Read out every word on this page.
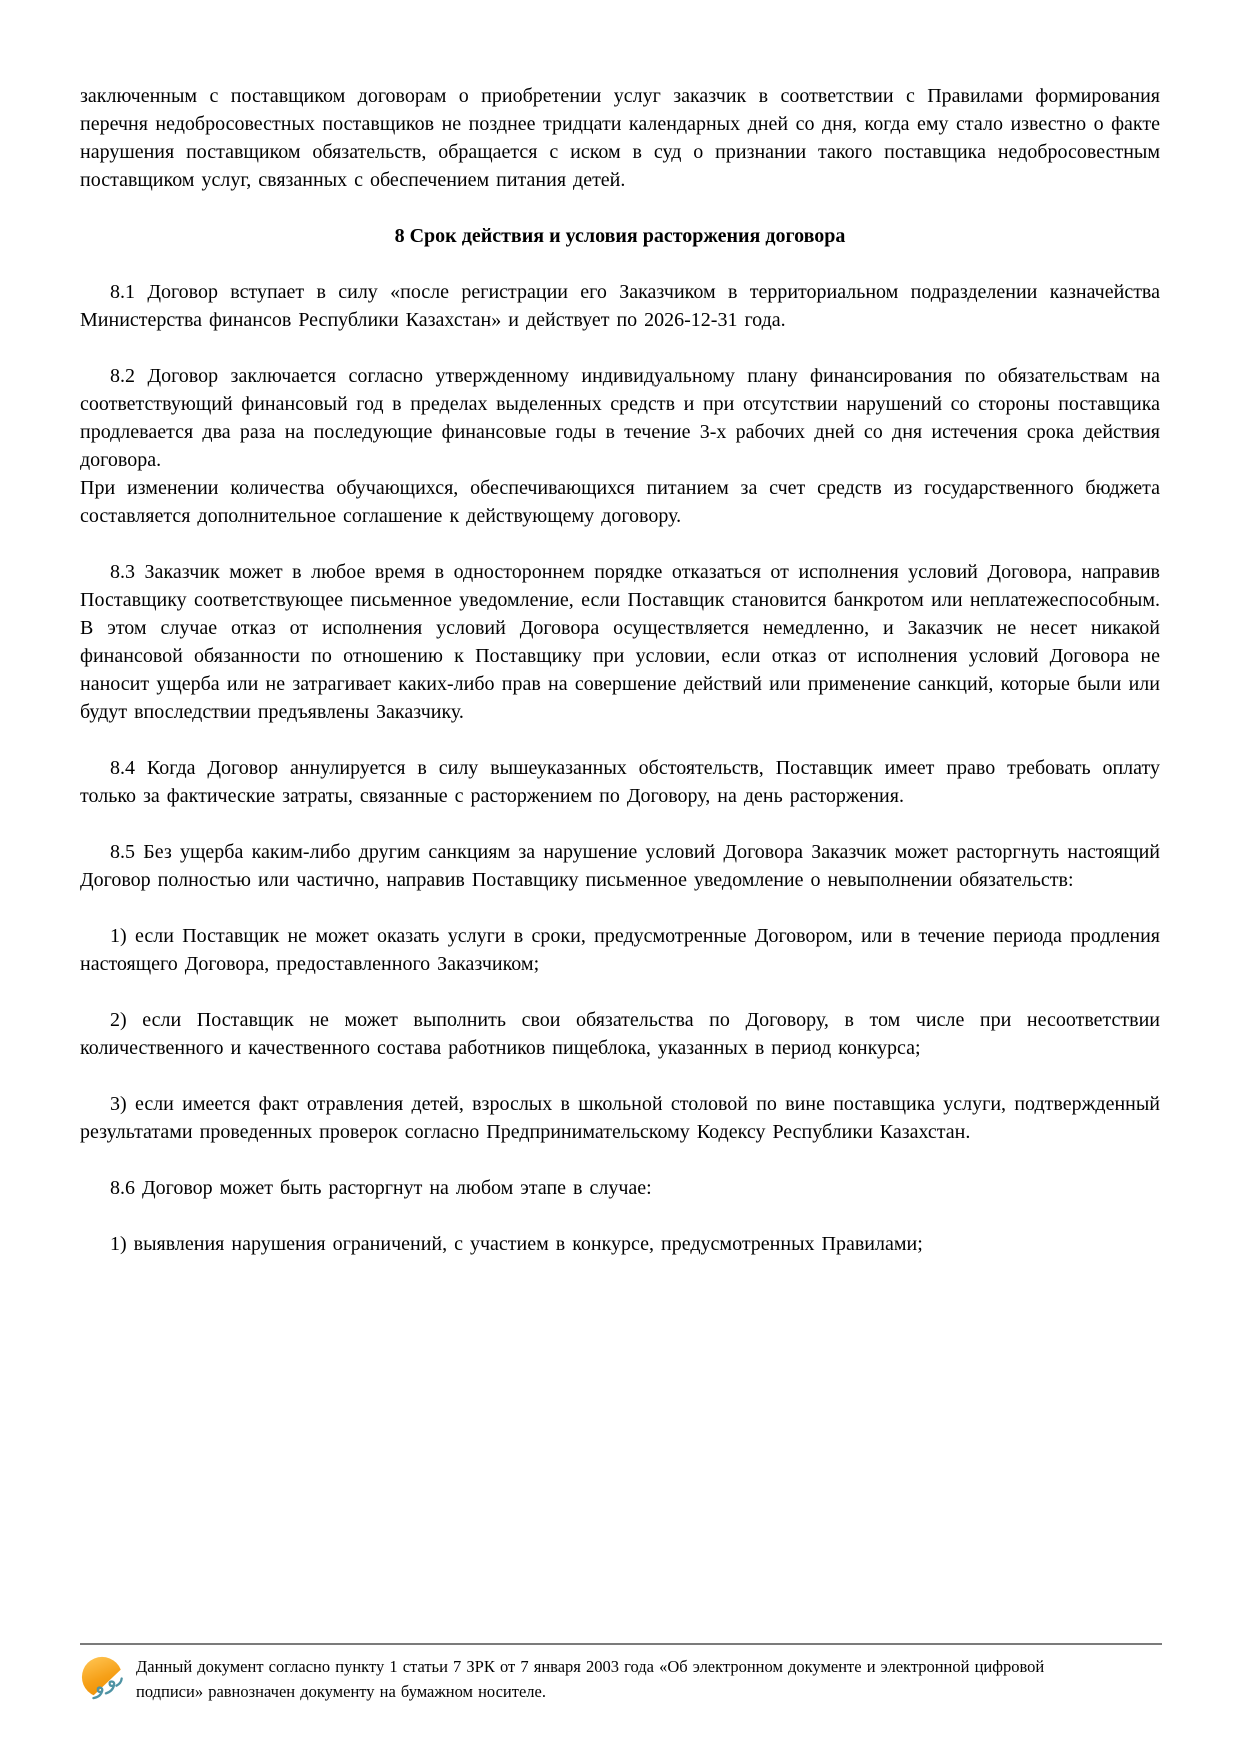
заключенным с поставщиком договорам о приобретении услуг заказчик в соответствии с Правилами формирования перечня недобросовестных поставщиков не позднее тридцати календарных дней со дня, когда ему стало известно о факте нарушения поставщиком обязательств, обращается с иском в суд о признании такого поставщика недобросовестным поставщиком услуг, связанных с обеспечением питания детей.

8 Срок действия и условия расторжения договора

8.1 Договор вступает в силу «после регистрации его Заказчиком в территориальном подразделении казначейства Министерства финансов Республики Казахстан» и действует по 2026-12-31 года.

8.2 Договор заключается согласно утвержденному индивидуальному плану финансирования по обязательствам на соответствующий финансовый год в пределах выделенных средств и при отсутствии нарушений со стороны поставщика продлевается два раза на последующие финансовые годы в течение 3-х рабочих дней со дня истечения срока действия договора.

При изменении количества обучающихся, обеспечивающихся питанием за счет средств из государственного бюджета составляется дополнительное соглашение к действующему договору.

8.3 Заказчик может в любое время в одностороннем порядке отказаться от исполнения условий Договора, направив Поставщику соответствующее письменное уведомление, если Поставщик становится банкротом или неплатежеспособным. В этом случае отказ от исполнения условий Договора осуществляется немедленно, и Заказчик не несет никакой финансовой обязанности по отношению к Поставщику при условии, если отказ от исполнения условий Договора не наносит ущерба или не затрагивает каких-либо прав на совершение действий или применение санкций, которые были или будут впоследствии предъявлены Заказчику.

8.4 Когда Договор аннулируется в силу вышеуказанных обстоятельств, Поставщик имеет право требовать оплату только за фактические затраты, связанные с расторжением по Договору, на день расторжения.

8.5 Без ущерба каким-либо другим санкциям за нарушение условий Договора Заказчик может расторгнуть настоящий Договор полностью или частично, направив Поставщику письменное уведомление о невыполнении обязательств:

1) если Поставщик не может оказать услуги в сроки, предусмотренные Договором, или в течение периода продления настоящего Договора, предоставленного Заказчиком;

2) если Поставщик не может выполнить свои обязательства по Договору, в том числе при несоответствии количественного и качественного состава работников пищеблока, указанных в период конкурса;

3) если имеется факт отравления детей, взрослых в школьной столовой по вине поставщика услуги, подтвержденный результатами проведенных проверок согласно Предпринимательскому Кодексу Республики Казахстан.

8.6 Договор может быть расторгнут на любом этапе в случае:

1) выявления нарушения ограничений, с участием в конкурсе, предусмотренных Правилами;

Данный документ согласно пункту 1 статьи 7 ЗРК от 7 января 2003 года «Об электронном документе и электронной цифровой подписи» равнозначен документу на бумажном носителе.
